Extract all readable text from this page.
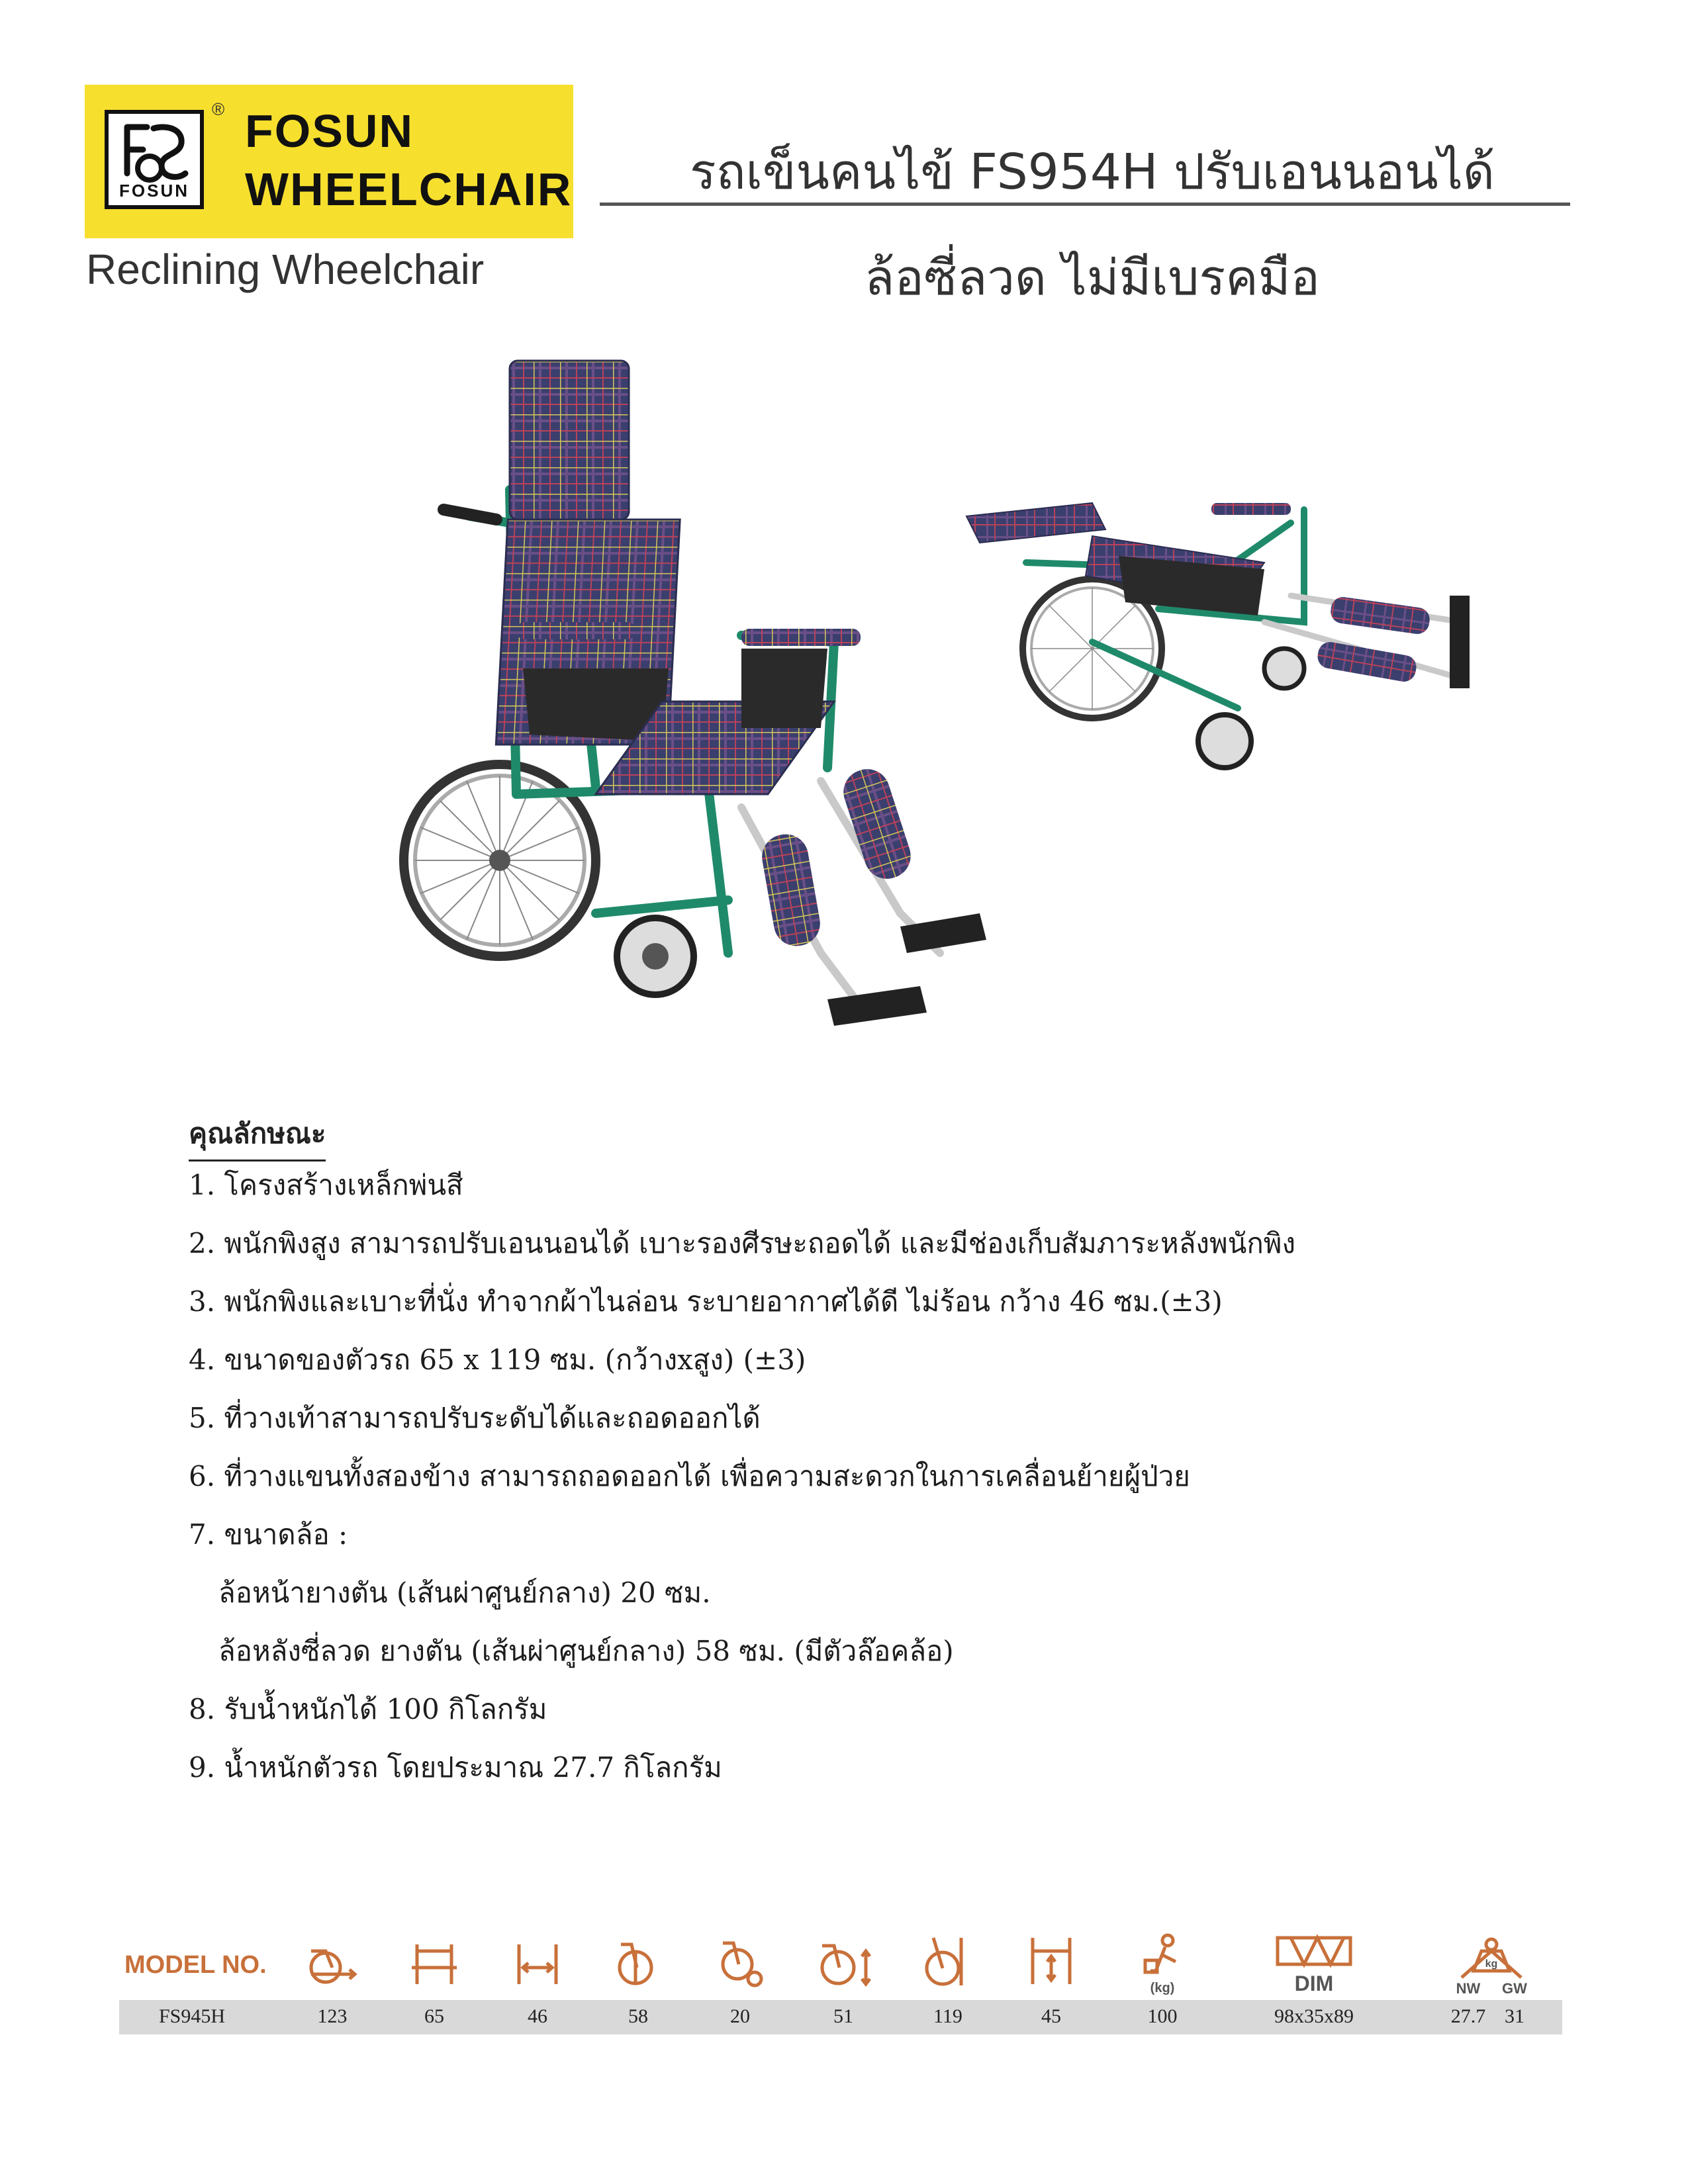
FOSUN
® FOSUN
WHEELCHAIR
Reclining Wheelchair
รถเข็นคนไข้ FS954H ปรับเอนนอนได้
ล้อซี่ลวด ไม่มีเบรคมือ
คุณลักษณะ
1. โครงสร้างเหล็กพ่นสี
2. พนักพิงสูง สามารถปรับเอนนอนได้ เบาะรองศีรษะถอดได้ และมีช่องเก็บสัมภาระหลังพนักพิง
3. พนักพิงและเบาะที่นั่ง ทำจากผ้าไนล่อน ระบายอากาศได้ดี ไม่ร้อน กว้าง 46 ซม.(±3)
4. ขนาดของตัวรถ 65 x 119 ซม. (กว้างxสูง) (±3)
5. ที่วางเท้าสามารถปรับระดับได้และถอดออกได้
6. ที่วางแขนทั้งสองข้าง สามารถถอดออกได้ เพื่อความสะดวกในการเคลื่อนย้ายผู้ป่วย
7. ขนาดล้อ :
ล้อหน้ายางตัน (เส้นผ่าศูนย์กลาง) 20 ซม.
ล้อหลังซี่ลวด ยางตัน (เส้นผ่าศูนย์กลาง) 58 ซม. (มีตัวล๊อคล้อ)
8. รับน้ำหนักได้ 100 กิโลกรัม
9. น้ำหนักตัวรถ โดยประมาณ 27.7 กิโลกรัม
MODEL NO.
(kg)	DIM
kg
NW GW
FS945H	123	65	46	58	20	51	119	45	100	98x35x89	27.7 31
